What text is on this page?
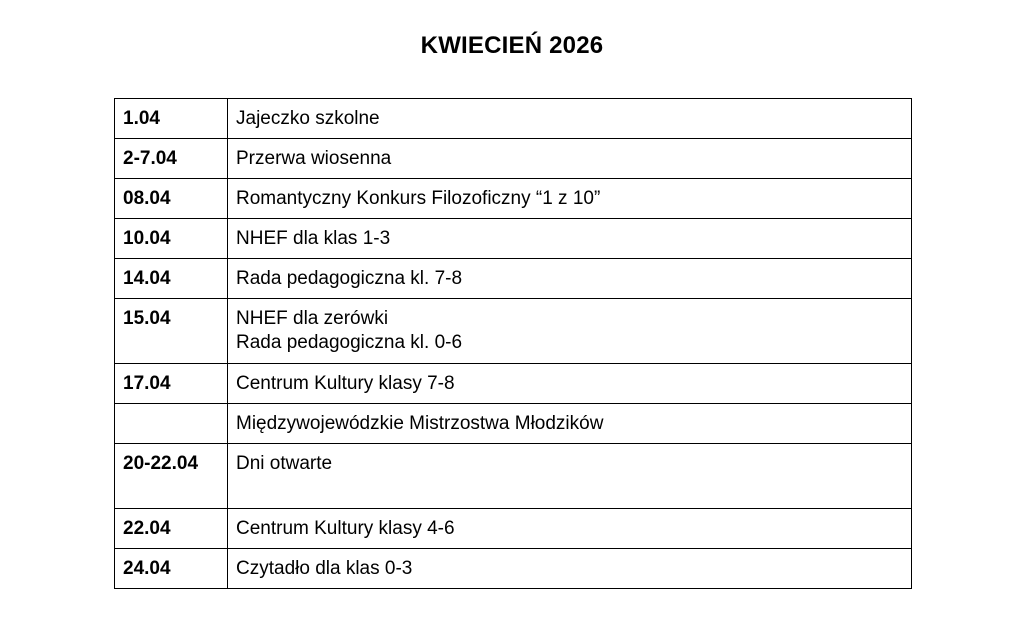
KWIECIEŃ 2026
1.04	Jajeczko szkolne

2-7.04	Przerwa wiosenna

08.04	Romantyczny Konkurs Filozoficzny “1 z 10”

10.04	NHEF dla klas 1-3

14.04	Rada pedagogiczna kl. 7-8

15.04	NHEF dla zerówki
Rada pedagogiczna kl. 0-6

17.04	Centrum Kultury klasy 7-8

	Międzywojewódzkie Mistrzostwa Młodzików

20-22.04	Dni otwarte

22.04	Centrum Kultury klasy 4-6

24.04	Czytadło dla klas 0-3
